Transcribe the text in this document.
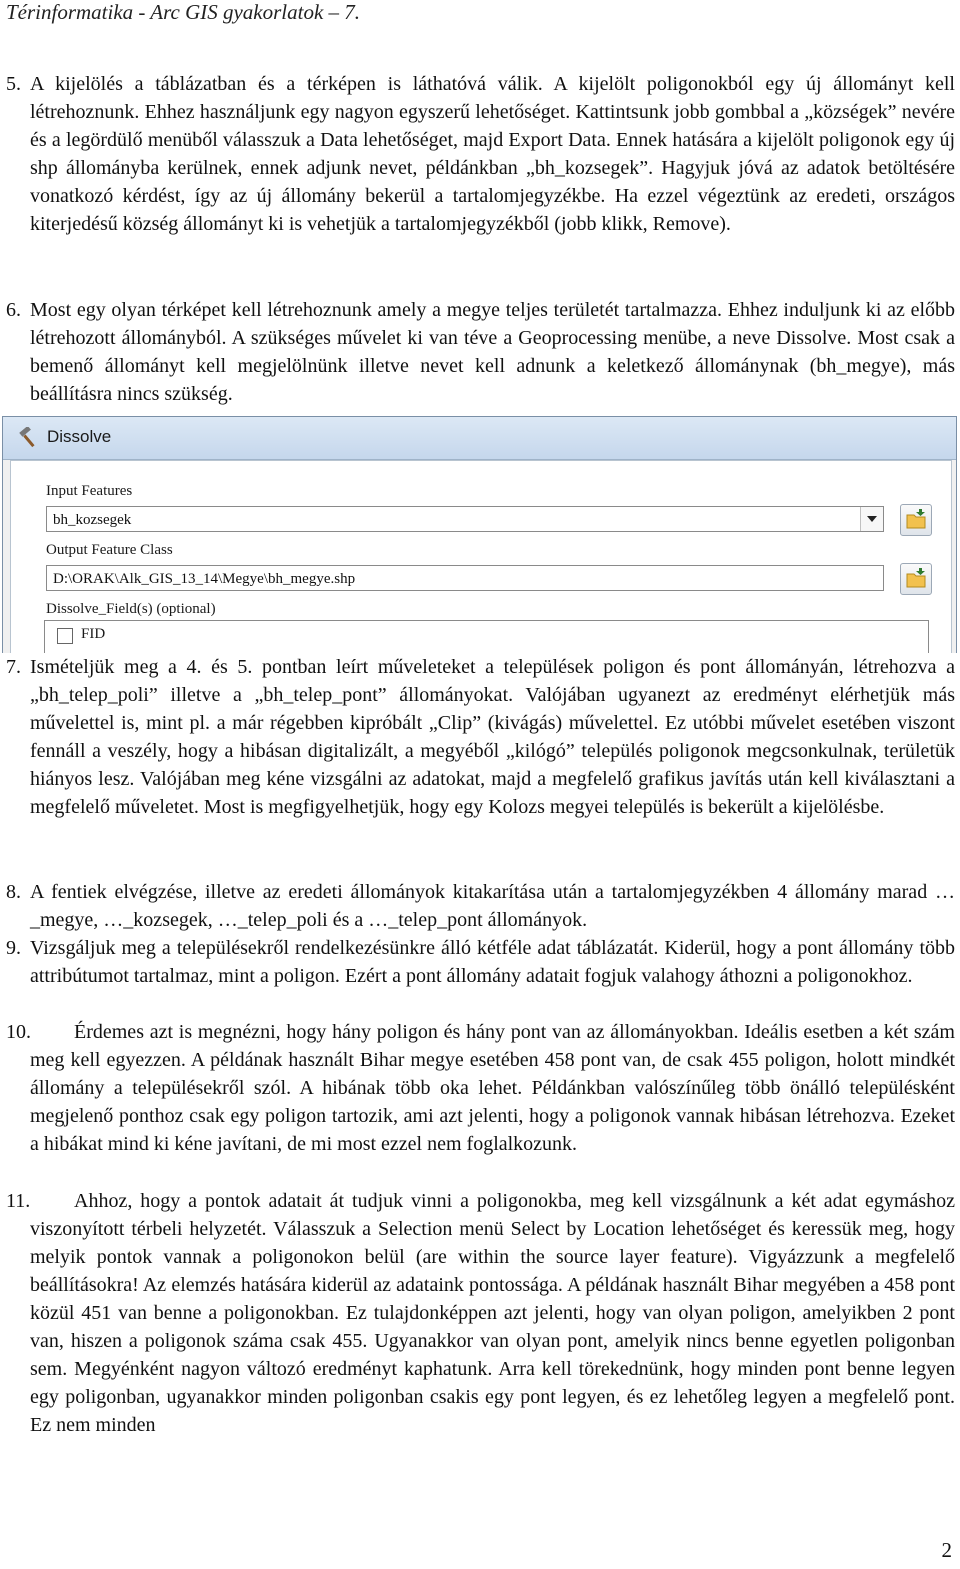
Térinformatika - Arc GIS gyakorlatok – 7.
5. A kijelölés a táblázatban és a térképen is láthatóvá válik. A kijelölt poligonokból egy új állományt kell létrehoznunk. Ehhez használjunk egy nagyon egyszerű lehetőséget. Kattintsunk jobb gombbal a „községek” nevére és a legördülő menüből válasszuk a Data lehetőséget, majd Export Data. Ennek hatására a kijelölt poligonok egy új shp állományba kerülnek, ennek adjunk nevet, példánkban „bh_kozsegek”. Hagyjuk jóvá az adatok betöltésére vonatkozó kérdést, így az új állomány bekerül a tartalomjegyzékbe. Ha ezzel végeztünk az eredeti, országos kiterjedésű község állományt ki is vehetjük a tartalomjegyzékből (jobb klikk, Remove).
6. Most egy olyan térképet kell létrehoznunk amely a megye teljes területét tartalmazza. Ehhez induljunk ki az előbb létrehozott állományból. A szükséges művelet ki van téve a Geoprocessing menübe, a neve Dissolve. Most csak a bemenő állományt kell megjelölnünk illetve nevet kell adnunk a keletkező állománynak (bh_megye), más beállításra nincs szükség.
Dissolve
Input Features
bh_kozsegek
Output Feature Class
D:\ORAK\Alk_GIS_13_14\Megye\bh_megye.shp
Dissolve_Field(s) (optional)
FID
7. Ismételjük meg a 4. és 5. pontban leírt műveleteket a települések poligon és pont állományán, létrehozva a „bh_telep_poli” illetve a „bh_telep_pont” állományokat. Valójában ugyanezt az eredményt elérhetjük más művelettel is, mint pl. a már régebben kipróbált „Clip” (kivágás) művelettel. Ez utóbbi művelet esetében viszont fennáll a veszély, hogy a hibásan digitalizált, a megyéből „kilógó” település poligonok megcsonkulnak, területük hiányos lesz. Valójában meg kéne vizsgálni az adatokat, majd a megfelelő grafikus javítás után kell kiválasztani a megfelelő műveletet. Most is megfigyelhetjük, hogy egy Kolozs megyei település is bekerült a kijelölésbe.
8. A fentiek elvégzése, illetve az eredeti állományok kitakarítása után a tartalomjegyzékben 4 állomány marad …_megye, …_kozsegek, …_telep_poli és a …_telep_pont állományok.
9. Vizsgáljuk meg a településekről rendelkezésünkre álló kétféle adat táblázatát. Kiderül, hogy a pont állomány több attribútumot tartalmaz, mint a poligon. Ezért a pont állomány adatait fogjuk valahogy áthozni a poligonokhoz.
10. Érdemes azt is megnézni, hogy hány poligon és hány pont van az állományokban. Ideális esetben a két szám meg kell egyezzen. A példának használt Bihar megye esetében 458 pont van, de csak 455 poligon, holott mindkét állomány a településekről szól. A hibának több oka lehet. Példánkban valószínűleg több önálló településként megjelenő ponthoz csak egy poligon tartozik, ami azt jelenti, hogy a poligonok vannak hibásan létrehozva. Ezeket a hibákat mind ki kéne javítani, de mi most ezzel nem foglalkozunk.
11. Ahhoz, hogy a pontok adatait át tudjuk vinni a poligonokba, meg kell vizsgálnunk a két adat egymáshoz viszonyított térbeli helyzetét. Válasszuk a Selection menü Select by Location lehetőséget és keressük meg, hogy melyik pontok vannak a poligonokon belül (are within the source layer feature). Vigyázzunk a megfelelő beállításokra! Az elemzés hatására kiderül az adataink pontossága. A példának használt Bihar megyében a 458 pont közül 451 van benne a poligonokban. Ez tulajdonképpen azt jelenti, hogy van olyan poligon, amelyikben 2 pont van, hiszen a poligonok száma csak 455. Ugyanakkor van olyan pont, amelyik nincs benne egyetlen poligonban sem. Megyénként nagyon változó eredményt kaphatunk. Arra kell törekednünk, hogy minden pont benne legyen egy poligonban, ugyanakkor minden poligonban csakis egy pont legyen, és ez lehetőleg legyen a megfelelő pont. Ez nem minden
2
